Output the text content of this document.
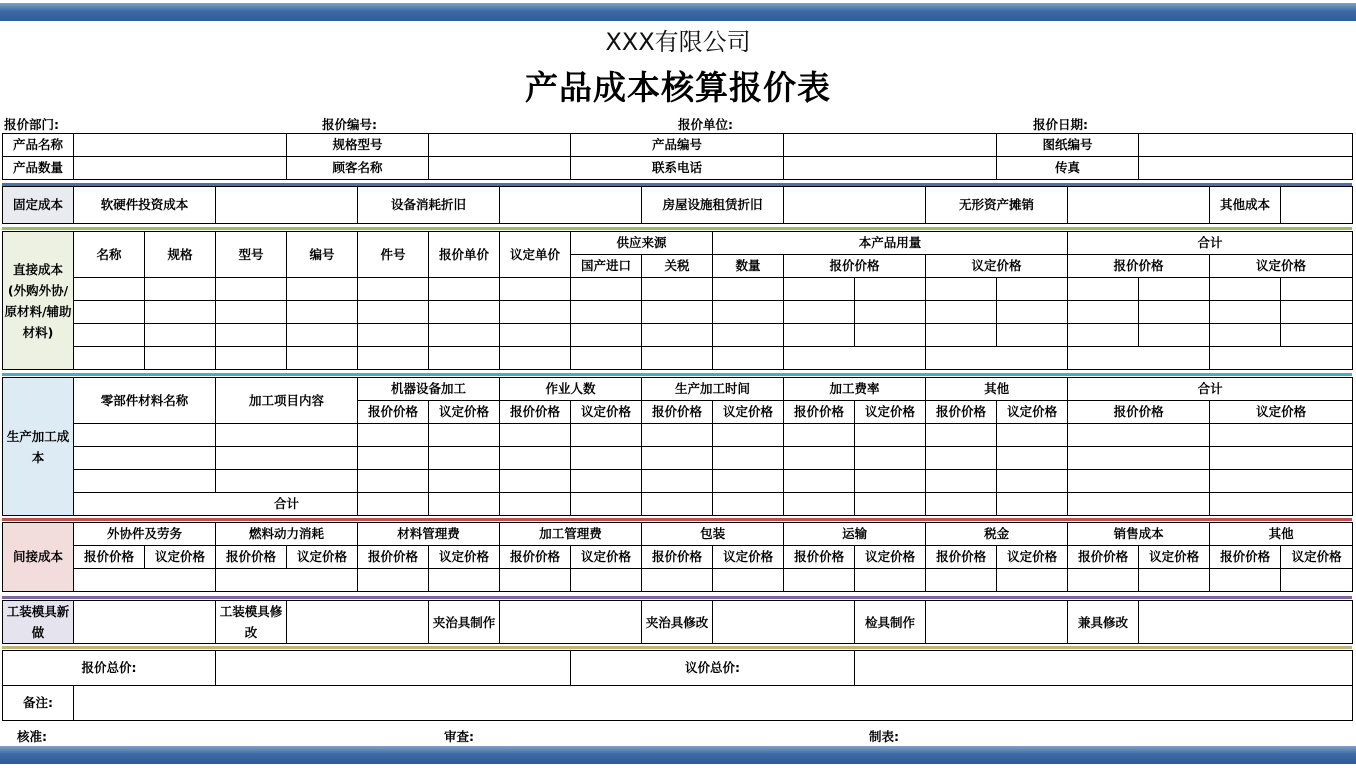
XXX有限公司
产品成本核算报价表
报价部门:	报价编号:	报价单位:	报价日期:
产品名称		规格型号		产品编号		图纸编号	
产品数量		顾客名称		联系电话		传真	
固定成本	软硬件投资成本		设备消耗折旧		房屋设施租赁折旧		无形资产摊销		其他成本	
直接成本 (外购外协/原材料/辅助材料)	名称	规格	型号	编号	件号	报价单价	议定单价	供应来源		本产品用量					合计			
								国产进口	关税	数量	报价价格		议定价格		报价价格		议定价格	

生产加工成本	零部件材料名称	加工项目内容	机器设备加工		作业人数		生产加工时间		加工费率		其他		合计	
			报价价格	议定价格	报价价格	议定价格	报价价格	议定价格	报价价格	议定价格	报价价格	议定价格	报价价格	议定价格

	合计													
间接成本	外协件及劳务		燃料动力消耗		材料管理费		加工管理费		包装		运输		税金		销售成本		其他	
	报价价格	议定价格	报价价格	议定价格	报价价格	议定价格	报价价格	议定价格	报价价格	议定价格	报价价格	议定价格	报价价格	议定价格	报价价格	议定价格	报价价格	议定价格

工装模具新做		工装模具修改		夹治具制作		夹治具修改		检具制作		兼具修改	
报价总价:			议价总价:	
备注:				
核准:	审查:	制表:
